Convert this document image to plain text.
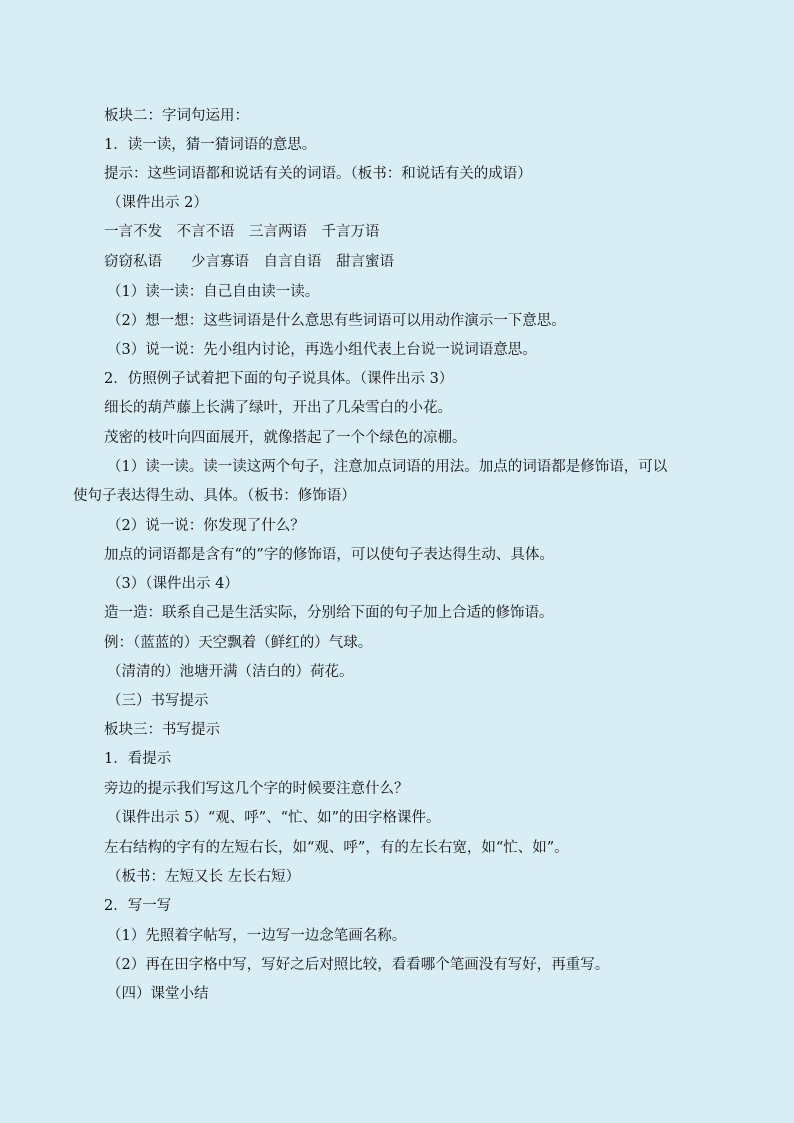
板块二：字词句运用：
1．读一读，猜一猜词语的意思。
提示：这些词语都和说话有关的词语。（板书：和说话有关的成语）
（课件出示 2）
一言不发　不言不语　三言两语　千言万语
窃窃私语　　少言寡语　自言自语　甜言蜜语
（1）读一读：自己自由读一读。
（2）想一想：这些词语是什么意思有些词语可以用动作演示一下意思。
（3）说一说：先小组内讨论，再选小组代表上台说一说词语意思。
2．仿照例子试着把下面的句子说具体。（课件出示 3）
细长的葫芦藤上长满了绿叶，开出了几朵雪白的小花。
茂密的枝叶向四面展开，就像搭起了一个个绿色的凉棚。
（1）读一读。读一读这两个句子，注意加点词语的用法。加点的词语都是修饰语，可以
使句子表达得生动、具体。（板书：修饰语）
（2）说一说：你发现了什么？
加点的词语都是含有“的”字的修饰语，可以使句子表达得生动、具体。
（3）（课件出示 4）
造一造：联系自己是生活实际，分别给下面的句子加上合适的修饰语。
例：（蓝蓝的）天空飘着（鲜红的）气球。
（清清的）池塘开满（洁白的）荷花。
（三）书写提示
板块三：书写提示
1．看提示
旁边的提示我们写这几个字的时候要注意什么？
（课件出示 5）“观、呼”、“忙、如”的田字格课件。
左右结构的字有的左短右长，如“观、呼”，有的左长右宽，如“忙、如”。
（板书：左短又长 左长右短）
2．写一写
（1）先照着字帖写，一边写一边念笔画名称。
（2）再在田字格中写，写好之后对照比较，看看哪个笔画没有写好，再重写。
（四）课堂小结
